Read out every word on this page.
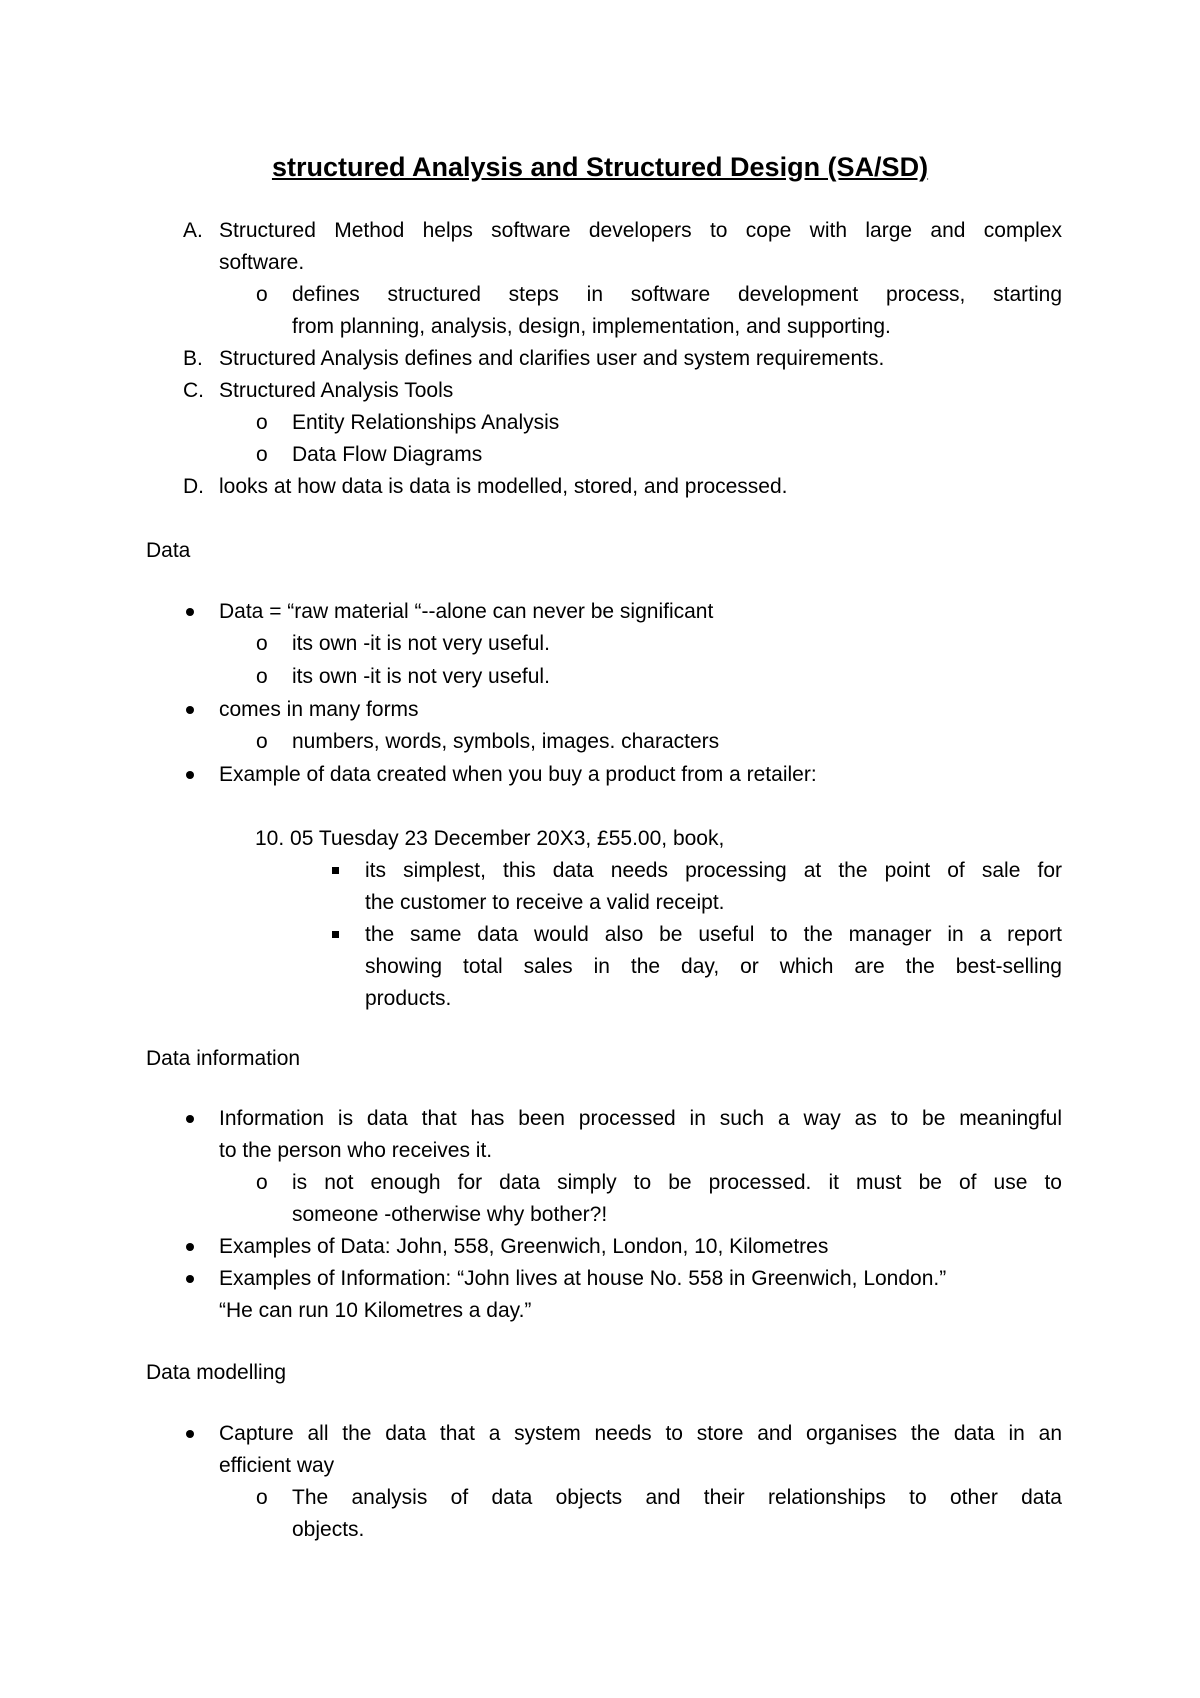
structured Analysis and Structured Design (SA/SD)
A. Structured Method helps software developers to cope with large and complex
software.
o defines structured steps in software development process, starting
from planning, analysis, design, implementation, and supporting.
B. Structured Analysis defines and clarifies user and system requirements.
C. Structured Analysis Tools
o Entity Relationships Analysis
o Data Flow Diagrams
D. looks at how data is data is modelled, stored, and processed.
Data
Data = “raw material “--alone can never be significant
o its own -it is not very useful.
o its own -it is not very useful.
comes in many forms
o numbers, words, symbols, images. characters
Example of data created when you buy a product from a retailer:
10. 05 Tuesday 23 December 20X3, £55.00, book,
its simplest, this data needs processing at the point of sale for
the customer to receive a valid receipt.
the same data would also be useful to the manager in a report
showing total sales in the day, or which are the best-selling
products.
Data information
Information is data that has been processed in such a way as to be meaningful
to the person who receives it.
o is not enough for data simply to be processed. it must be of use to
someone -otherwise why bother?!
Examples of Data: John, 558, Greenwich, London, 10, Kilometres
Examples of Information: “John lives at house No. 558 in Greenwich, London.”
“He can run 10 Kilometres a day.”
Data modelling
Capture all the data that a system needs to store and organises the data in an
efficient way
o The analysis of data objects and their relationships to other data
objects.
